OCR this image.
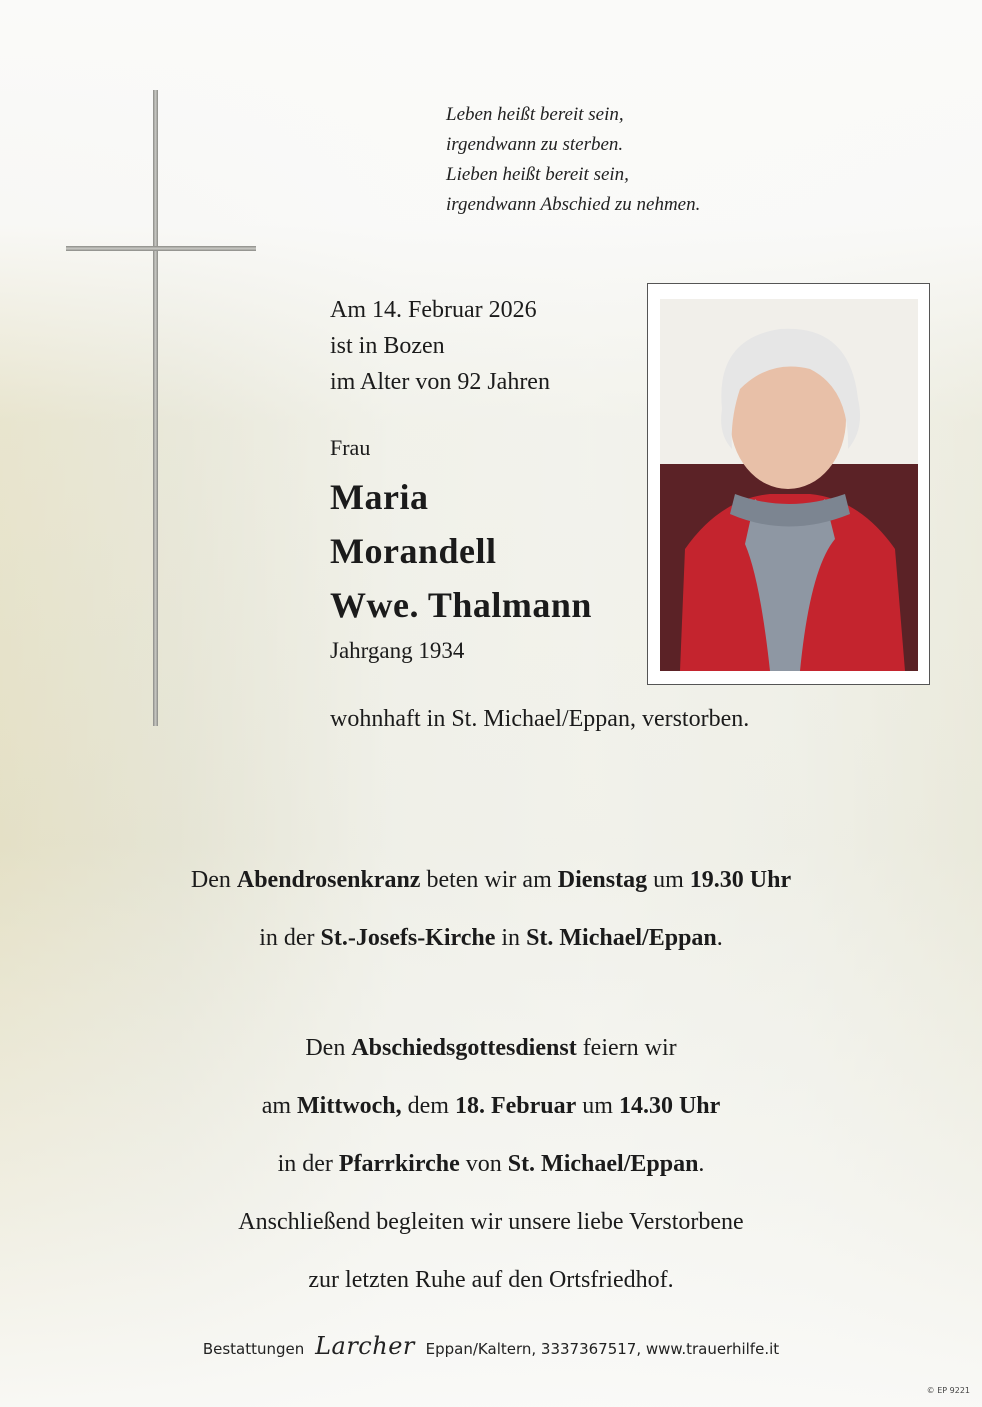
Leben heißt bereit sein,
irgendwann zu sterben.
Lieben heißt bereit sein,
irgendwann Abschied zu nehmen.
Am 14. Februar 2026
ist in Bozen
im Alter von 92 Jahren
Frau
Maria
Morandell
Wwe. Thalmann
Jahrgang 1934
wohnhaft in St. Michael/Eppan, verstorben.
Den Abendrosenkranz beten wir am Dienstag um 19.30 Uhr
in der St.-Josefs-Kirche in St. Michael/Eppan.
Den Abschiedsgottesdienst feiern wir
am Mittwoch, dem 18. Februar um 14.30 Uhr
in der Pfarrkirche von St. Michael/Eppan.
Anschließend begleiten wir unsere liebe Verstorbene
zur letzten Ruhe auf den Ortsfriedhof.
Bestattungen Larcher Eppan/Kaltern, 3337367517, www.trauerhilfe.it
© EP 9221
